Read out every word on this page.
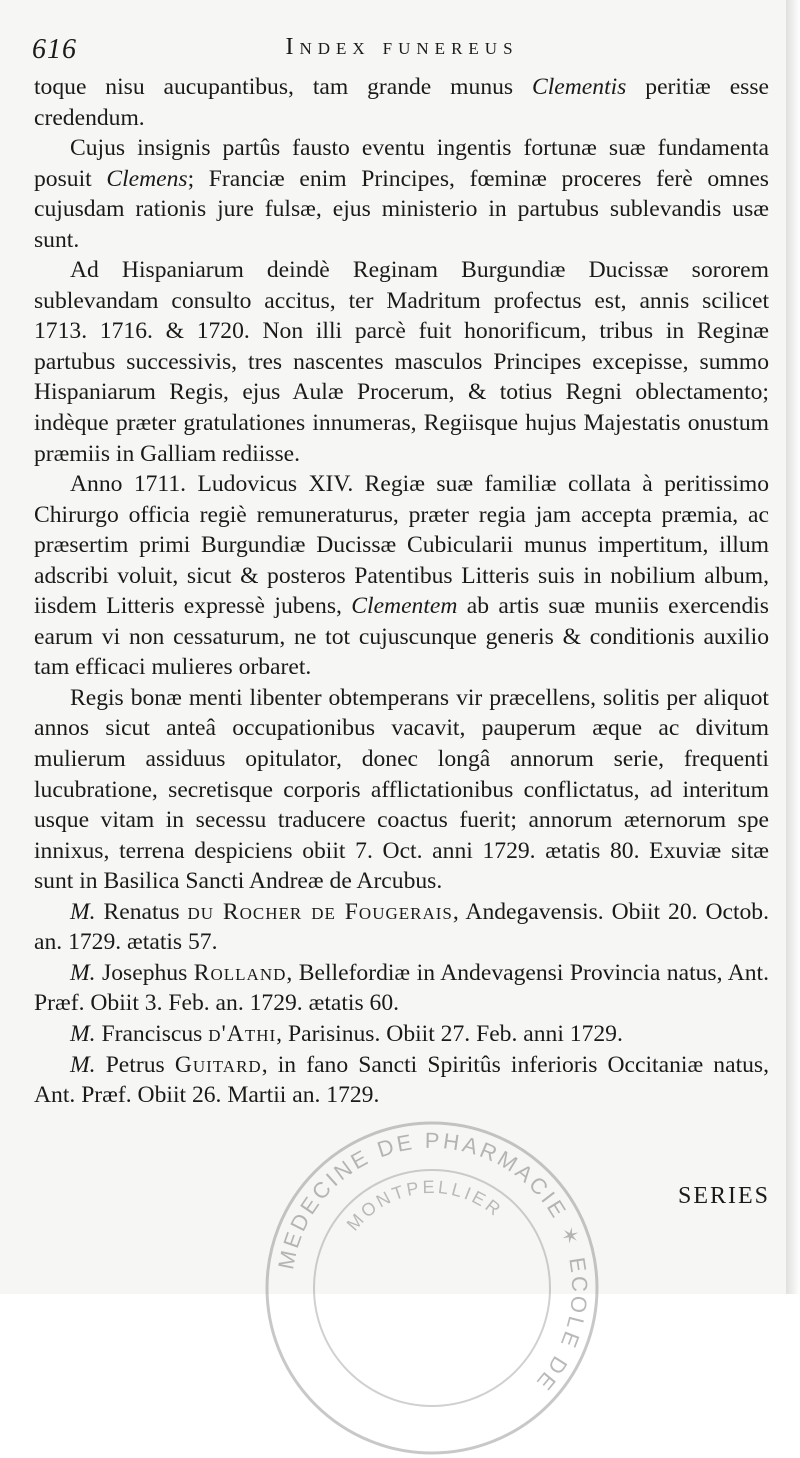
616	Index funereus

toque nisu aucupantibus, tam grande munus Clementis peritiæ esse credendum.

Cujus insignis partûs fausto eventu ingentis fortunæ suæ fundamenta posuit Clemens; Franciæ enim Principes, fœminæ proceres ferè omnes cujusdam rationis jure fulsæ, ejus ministerio in partubus sublevandis usæ sunt.

Ad Hispaniarum deindè Reginam Burgundiæ Ducissæ sororem sublevandam consulto accitus, ter Madritum profectus est, annis scilicet 1713. 1716. & 1720. Non illi parcè fuit honorificum, tribus in Reginæ partubus successivis, tres nascentes masculos Principes excepisse, summo Hispaniarum Regis, ejus Aulæ Procerum, & totius Regni oblectamento; indèque præter gratulationes innumeras, Regiisque hujus Majestatis onustum præmiis in Galliam rediisse.

Anno 1711. Ludovicus XIV. Regiæ suæ familiæ collata à peritissimo Chirurgo officia regiè remuneraturus, præter regia jam accepta præmia, ac præsertim primi Burgundiæ Ducissæ Cubicularii munus impertitum, illum adscribi voluit, sicut & posteros Patentibus Litteris suis in nobilium album, iisdem Litteris expressè jubens, Clementem ab artis suæ muniis exercendis earum vi non cessaturum, ne tot cujuscunque generis & conditionis auxilio tam efficaci mulieres orbaret.

Regis bonæ menti libenter obtemperans vir præcellens, solitis per aliquot annos sicut anteâ occupationibus vacavit, pauperum æque ac divitum mulierum assiduus opitulator, donec longâ annorum serie, frequenti lucubratione, secretisque corporis afflictationibus conflictatus, ad interitum usque vitam in secessu traducere coactus fuerit; annorum æternorum spe innixus, terrena despiciens obiit 7. Oct. anni 1729. ætatis 80. Exuviæ sitæ sunt in Basilica Sancti Andreæ de Arcubus.

M. Renatus du Rocher de Fougerais, Andegavensis. Obiit 20. Octob. an. 1729. ætatis 57.

M. Josephus Rolland, Bellefordiæ in Andevagensi Provincia natus, Ant. Præf. Obiit 3. Feb. an. 1729. ætatis 60.

M. Franciscus d'Athi, Parisinus. Obiit 27. Feb. anni 1729.

M. Petrus Guitard, in fano Sancti Spiritûs inferioris Occitaniæ natus, Ant. Præf. Obiit 26. Martii an. 1729.

MEDECINE DE PHARMACIE ✶ ECOLE DE
MONTPELLIER	SERIES
